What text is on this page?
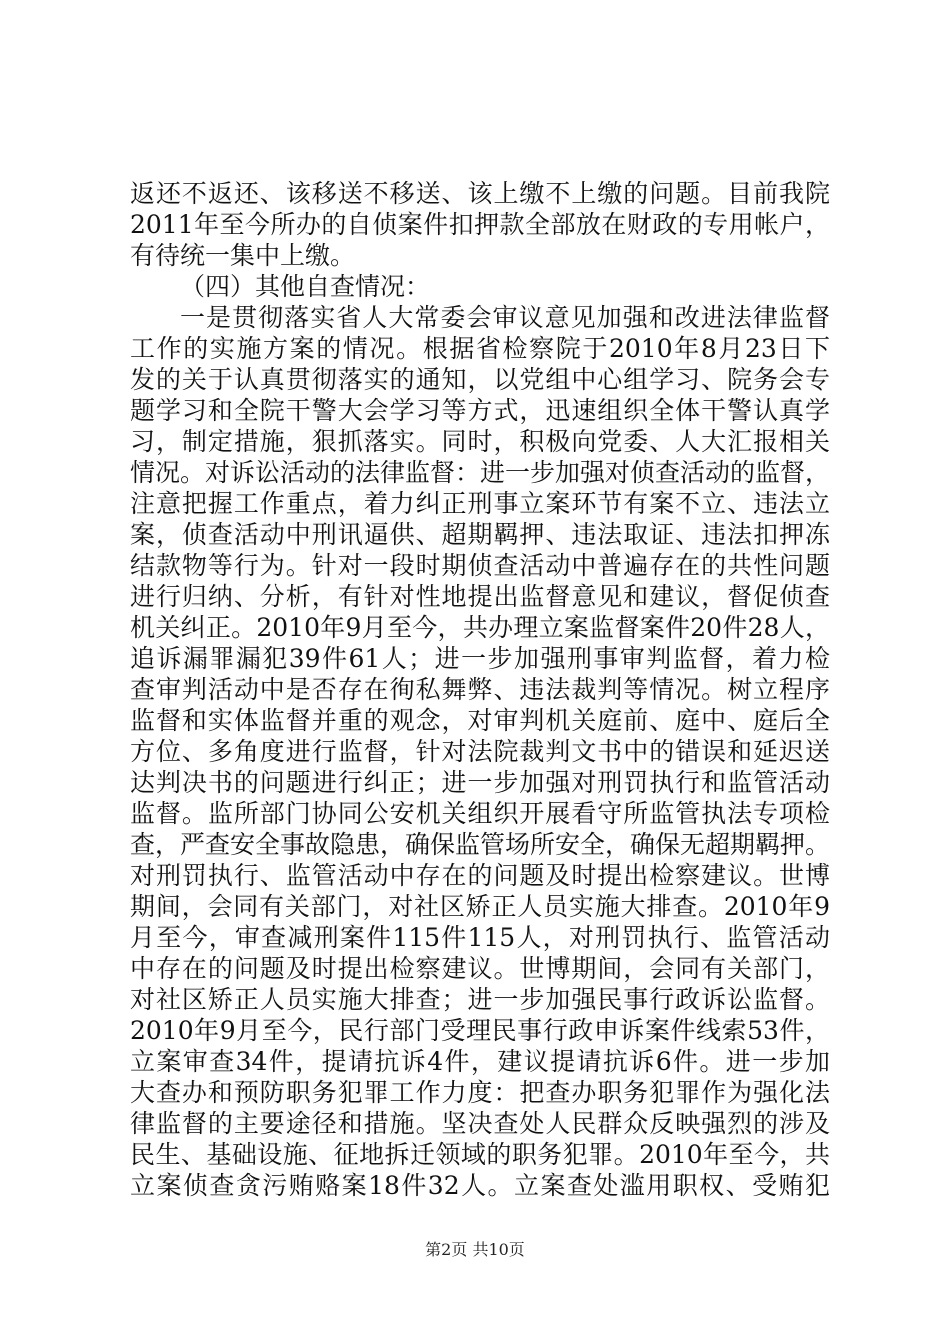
返还不返还、该移送不移送、该上缴不上缴的问题。目前我院
2011年至今所办的自侦案件扣押款全部放在财政的专用帐户，
有待统一集中上缴。
（四）其他自查情况：
一是贯彻落实省人大常委会审议意见加强和改进法律监督
工作的实施方案的情况。根据省检察院于2010年8月23日下
发的关于认真贯彻落实的通知，以党组中心组学习、院务会专
题学习和全院干警大会学习等方式，迅速组织全体干警认真学
习，制定措施，狠抓落实。同时，积极向党委、人大汇报相关
情况。对诉讼活动的法律监督：进一步加强对侦查活动的监督，
注意把握工作重点，着力纠正刑事立案环节有案不立、违法立
案，侦查活动中刑讯逼供、超期羁押、违法取证、违法扣押冻
结款物等行为。针对一段时期侦查活动中普遍存在的共性问题
进行归纳、分析，有针对性地提出监督意见和建议，督促侦查
机关纠正。2010年9月至今，共办理立案监督案件20件28人，
追诉漏罪漏犯39件61人；进一步加强刑事审判监督，着力检
查审判活动中是否存在徇私舞弊、违法裁判等情况。树立程序
监督和实体监督并重的观念，对审判机关庭前、庭中、庭后全
方位、多角度进行监督，针对法院裁判文书中的错误和延迟送
达判决书的问题进行纠正；进一步加强对刑罚执行和监管活动
监督。监所部门协同公安机关组织开展看守所监管执法专项检
查，严查安全事故隐患，确保监管场所安全，确保无超期羁押。
对刑罚执行、监管活动中存在的问题及时提出检察建议。世博
期间，会同有关部门，对社区矫正人员实施大排查。2010年9
月至今，审查减刑案件115件115人，对刑罚执行、监管活动
中存在的问题及时提出检察建议。世博期间，会同有关部门，
对社区矫正人员实施大排查；进一步加强民事行政诉讼监督。
2010年9月至今，民行部门受理民事行政申诉案件线索53件，
立案审查34件，提请抗诉4件，建议提请抗诉6件。进一步加
大查办和预防职务犯罪工作力度：把查办职务犯罪作为强化法
律监督的主要途径和措施。坚决查处人民群众反映强烈的涉及
民生、基础设施、征地拆迁领域的职务犯罪。2010年至今，共
立案侦查贪污贿赂案18件32人。立案查处滥用职权、受贿犯
第2页 共10页
